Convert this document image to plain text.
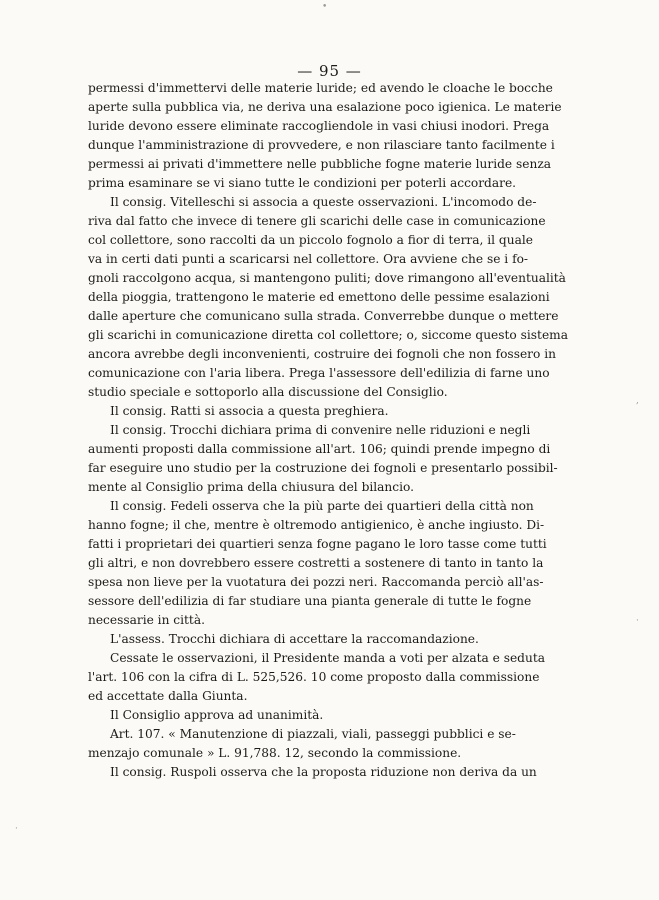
— 95 —
permessi d'immettervi delle materie luride; ed avendo le cloache le bocche
aperte sulla pubblica via, ne deriva una esalazione poco igienica. Le materie
luride devono essere eliminate raccogliendole in vasi chiusi inodori. Prega
dunque l'amministrazione di provvedere, e non rilasciare tanto facilmente i
permessi ai privati d'immettere nelle pubbliche fogne materie luride senza
prima esaminare se vi siano tutte le condizioni per poterli accordare.
Il consig. Vitelleschi si associa a queste osservazioni. L'incomodo de-
riva dal fatto che invece di tenere gli scarichi delle case in comunicazione
col collettore, sono raccolti da un piccolo fognolo a fior di terra, il quale
va in certi dati punti a scaricarsi nel collettore. Ora avviene che se i fo-
gnoli raccolgono acqua, si mantengono puliti; dove rimangono all'eventualità
della pioggia, trattengono le materie ed emettono delle pessime esalazioni
dalle aperture che comunicano sulla strada. Converrebbe dunque o mettere
gli scarichi in comunicazione diretta col collettore; o, siccome questo sistema
ancora avrebbe degli inconvenienti, costruire dei fognoli che non fossero in
comunicazione con l'aria libera. Prega l'assessore dell'edilizia di farne uno
studio speciale e sottoporlo alla discussione del Consiglio.
Il consig. Ratti si associa a questa preghiera.
Il consig. Trocchi dichiara prima di convenire nelle riduzioni e negli
aumenti proposti dalla commissione all'art. 106; quindi prende impegno di
far eseguire uno studio per la costruzione dei fognoli e presentarlo possibil-
mente al Consiglio prima della chiusura del bilancio.
Il consig. Fedeli osserva che la più parte dei quartieri della città non
hanno fogne; il che, mentre è oltremodo antigienico, è anche ingiusto. Di-
fatti i proprietari dei quartieri senza fogne pagano le loro tasse come tutti
gli altri, e non dovrebbero essere costretti a sostenere di tanto in tanto la
spesa non lieve per la vuotatura dei pozzi neri. Raccomanda perciò all'as-
sessore dell'edilizia di far studiare una pianta generale di tutte le fogne
necessarie in città.
L'assess. Trocchi dichiara di accettare la raccomandazione.
Cessate le osservazioni, il Presidente manda a voti per alzata e seduta
l'art. 106 con la cifra di L. 525,526. 10 come proposto dalla commissione
ed accettate dalla Giunta.
Il Consiglio approva ad unanimità.
Art. 107. « Manutenzione di piazzali, viali, passeggi pubblici e se-
menzajo comunale » L. 91,788. 12, secondo la commissione.
Il consig. Ruspoli osserva che la proposta riduzione non deriva da un
•
,
·
·
